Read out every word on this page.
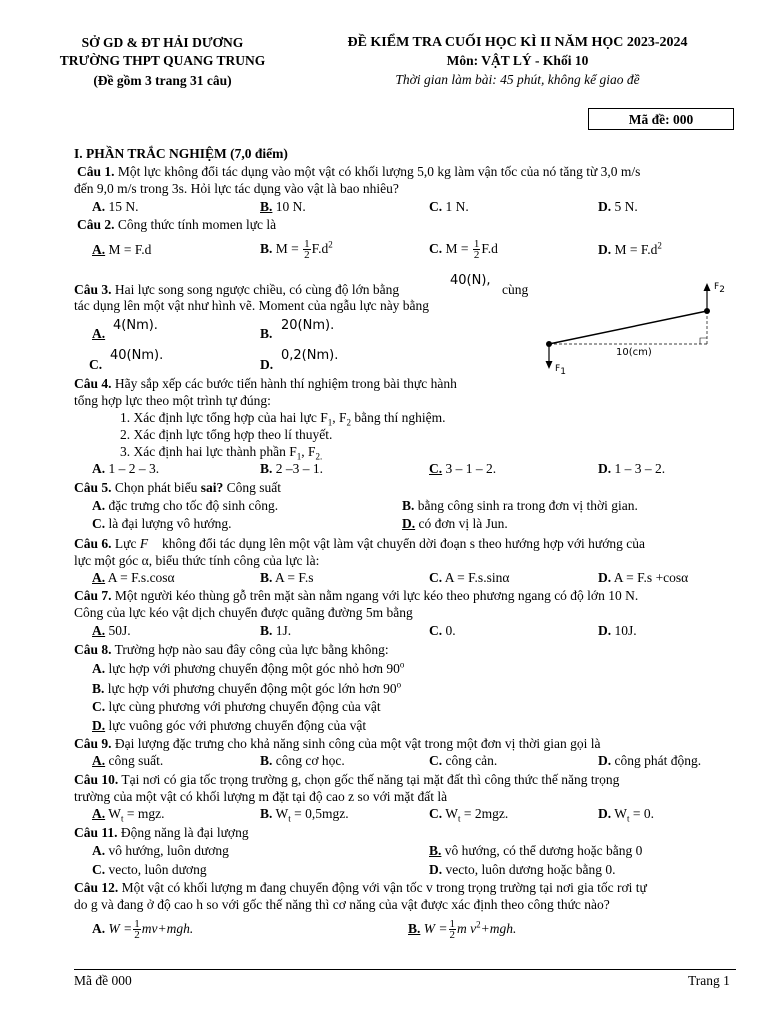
SỞ GD & ĐT HẢI DƯƠNG
TRƯỜNG THPT QUANG TRUNG
(Đề gồm 3 trang 31 câu)
ĐỀ KIỂM TRA CUỐI HỌC KÌ II NĂM HỌC 2023-2024
Môn: VẬT LÝ - Khối 10
Thời gian làm bài: 45 phút, không kể giao đề
Mã đề: 000
I. PHẦN TRẮC NGHIỆM (7,0 điểm)
Câu 1. Một lực không đổi tác dụng vào một vật có khối lượng 5,0 kg làm vận tốc của nó tăng từ 3,0 m/s
đến 9,0 m/s trong 3s. Hỏi lực tác dụng vào vật là bao nhiêu?
A. 15 N.	B. 10 N.	C. 1 N.	D. 5 N.
Câu 2. Công thức tính momen lực là
A. M = F.d	B. $M = \frac{1}{2} F.d^2$	C. $M = \frac{1}{2} F.d$	D. $M = F.d^2$
Câu 3. Hai lực song song ngược chiều, có cùng độ lớn bằng
40(N),
cùng
tác dụng lên một vật như hình vẽ. Moment của ngẫu lực này bằng
A.
4(Nm).
B.
20(Nm).
C.
40(Nm).
D.
0,2(Nm).
$F_2$
$F_1$
10(cm)
Câu 4. Hãy sắp xếp các bước tiến hành thí nghiệm trong bài thực hành
tổng hợp lực theo một trình tự đúng:
1. Xác định lực tổng hợp của hai lực $F_1$, $F_2$ bằng thí nghiệm.
2. Xác định lực tổng hợp theo lí thuyết.
3. Xác định hai lực thành phần $F_1$, $F_{2.}$
A. 1 – 2 – 3.	B. 2 –3 – 1.	C. 3 – 1 – 2.	D. 1 – 3 – 2.
Câu 5. Chọn phát biểu sai? Công suất
A. đặc trưng cho tốc độ sinh công.	B. bằng công sinh ra trong đơn vị thời gian.
C. là đại lượng vô hướng.	D. có đơn vị là Jun.
Câu 6. Lực F⃗ không đổi tác dụng lên một vật làm vật chuyển dời đoạn s theo hướng hợp với hướng của
lực một góc α, biểu thức tính công của lực là:
A. A = F.s.cosα	B. A = F.s	C. A = F.s.sinα	D. A = F.s +cosα
Câu 7. Một người kéo thùng gỗ trên mặt sàn nằm ngang với lực kéo theo phương ngang có độ lớn 10 N.
Công của lực kéo vật dịch chuyển được quãng đường 5m bằng
A. 50J.	B. 1J.	C. 0.	D. 10J.
Câu 8. Trường hợp nào sau đây công của lực bằng không:
A. lực hợp với phương chuyển động một góc nhỏ hơn 90$^o$
B. lực hợp với phương chuyển động một góc lớn hơn 90$^o$
C. lực cùng phương với phương chuyển động của vật
D. lực vuông góc với phương chuyển động của vật
Câu 9. Đại lượng đặc trưng cho khả năng sinh công của một vật trong một đơn vị thời gian gọi là
A. công suất.	B. công cơ học.	C. công cản.	D. công phát động.
Câu 10. Tại nơi có gia tốc trọng trường g, chọn gốc thế năng tại mặt đất thì công thức thế năng trọng
trường của một vật có khối lượng m đặt tại độ cao z so với mặt đất là
A. $W_t$ = mgz.	B. $W_t = 0,5mgz$.	C. $W_t = 2mgz$.	D. $W_t = 0$.
Câu 11. Động năng là đại lượng
A. vô hướng, luôn dương	B. vô hướng, có thể dương hoặc bằng 0
C. vecto, luôn dương	D. vecto, luôn dương hoặc bằng 0.
Câu 12. Một vật có khối lượng m đang chuyển động với vận tốc v trong trọng trường tại nơi gia tốc rơi tự
do g và đang ở độ cao h so với gốc thế năng thì cơ năng của vật được xác định theo công thức nào?
A. $W = \frac{1}{2} mv+mgh$.	B. $W = \frac{1}{2}$ m $v^2+mgh$.
Mã đề 000	Trang 1
